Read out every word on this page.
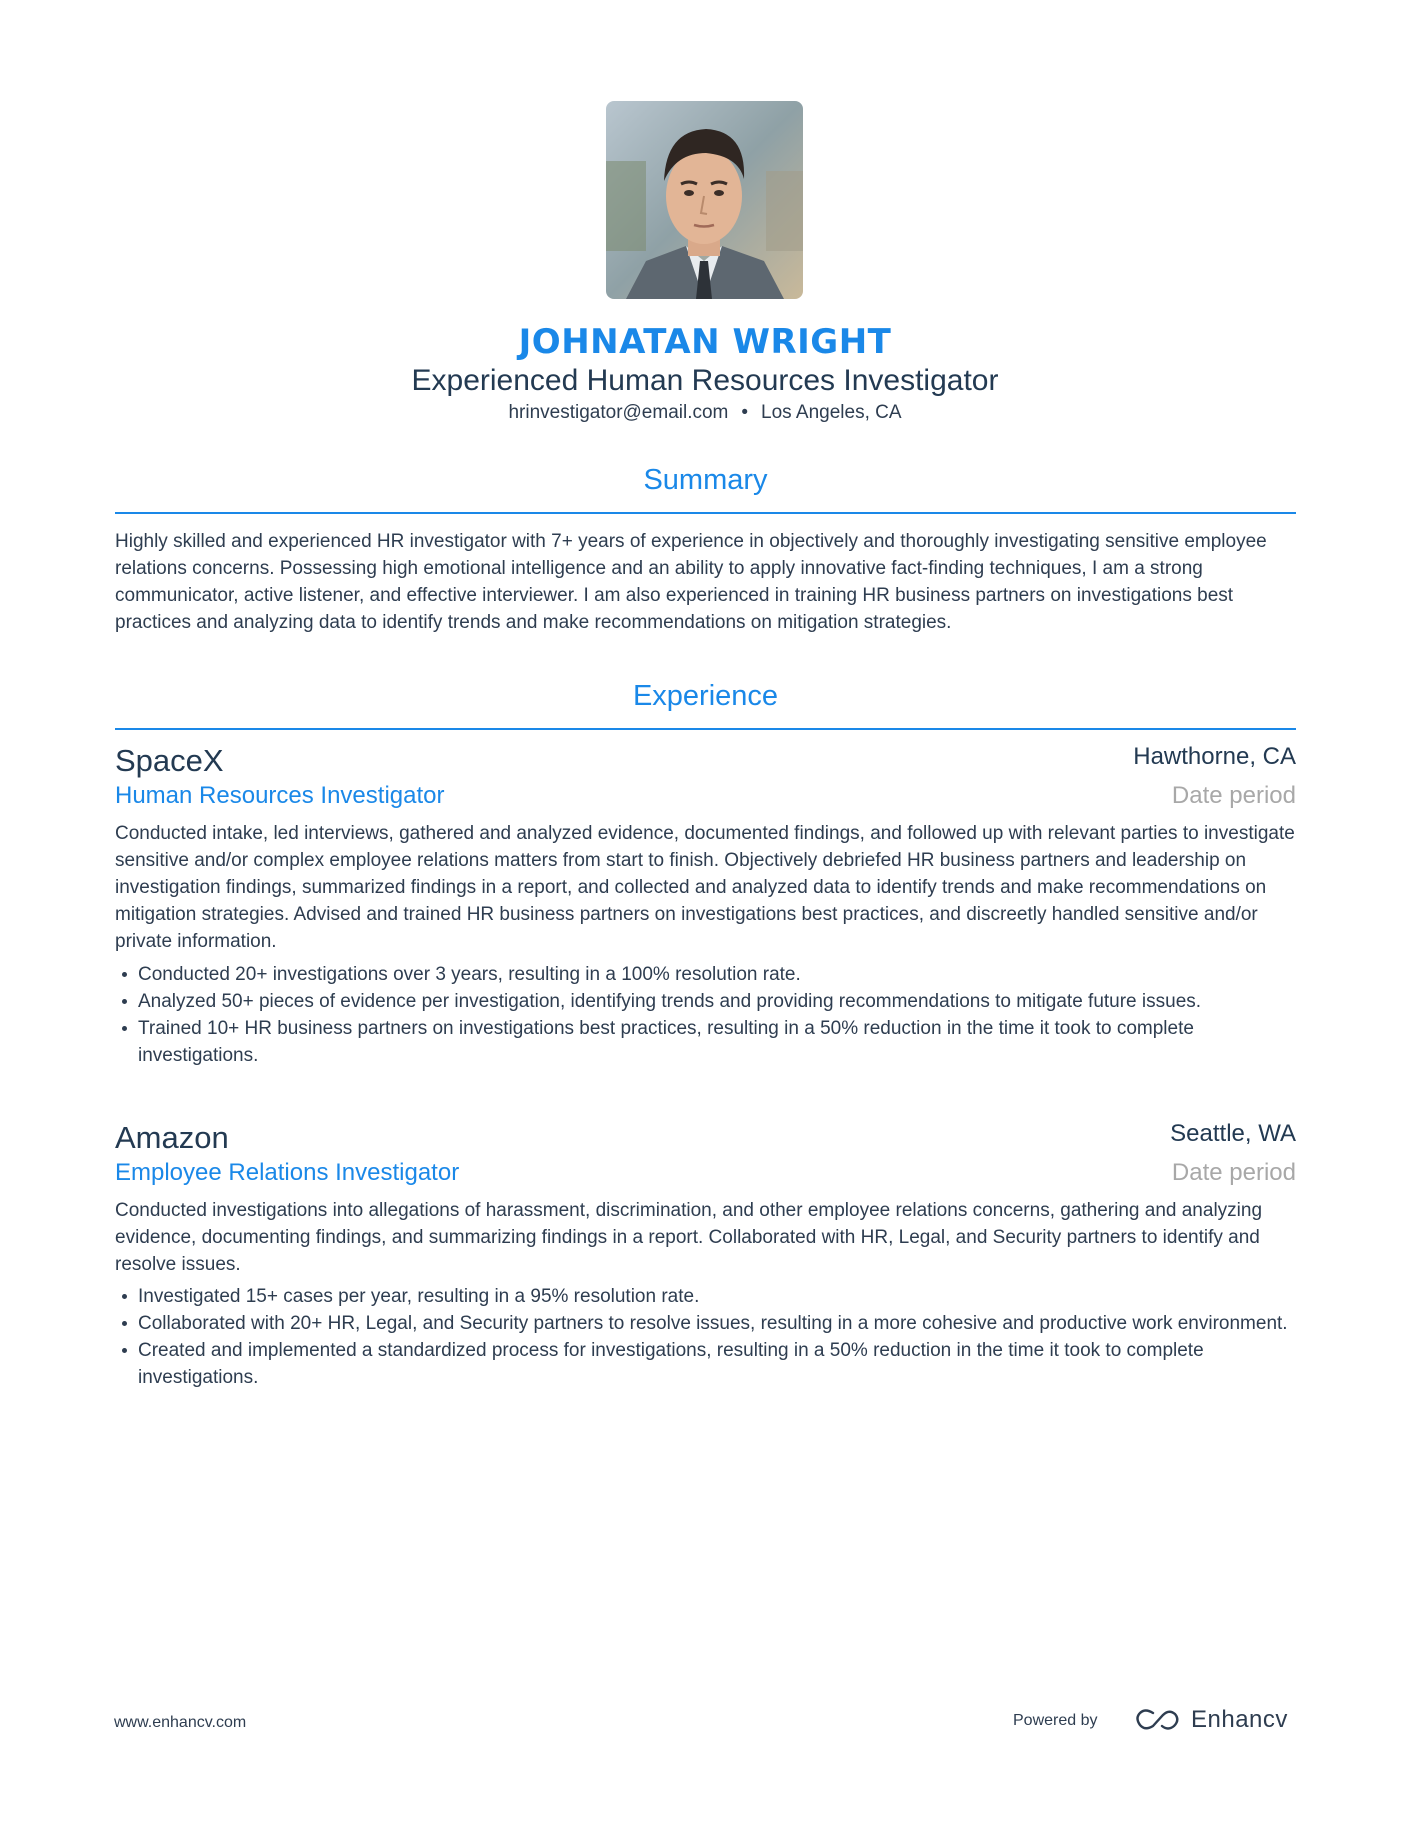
JOHNATAN WRIGHT
Experienced Human Resources Investigator
hrinvestigator@email.com • Los Angeles, CA
Summary
Highly skilled and experienced HR investigator with 7+ years of experience in objectively and thoroughly investigating sensitive employee relations concerns. Possessing high emotional intelligence and an ability to apply innovative fact-finding techniques, I am a strong communicator, active listener, and effective interviewer. I am also experienced in training HR business partners on investigations best practices and analyzing data to identify trends and make recommendations on mitigation strategies.
Experience
SpaceX	Hawthorne, CA
Human Resources Investigator	Date period
Conducted intake, led interviews, gathered and analyzed evidence, documented findings, and followed up with relevant parties to investigate sensitive and/or complex employee relations matters from start to finish. Objectively debriefed HR business partners and leadership on investigation findings, summarized findings in a report, and collected and analyzed data to identify trends and make recommendations on mitigation strategies. Advised and trained HR business partners on investigations best practices, and discreetly handled sensitive and/or private information.
Conducted 20+ investigations over 3 years, resulting in a 100% resolution rate.
Analyzed 50+ pieces of evidence per investigation, identifying trends and providing recommendations to mitigate future issues.
Trained 10+ HR business partners on investigations best practices, resulting in a 50% reduction in the time it took to complete investigations.
Amazon	Seattle, WA
Employee Relations Investigator	Date period
Conducted investigations into allegations of harassment, discrimination, and other employee relations concerns, gathering and analyzing evidence, documenting findings, and summarizing findings in a report. Collaborated with HR, Legal, and Security partners to identify and resolve issues.
Investigated 15+ cases per year, resulting in a 95% resolution rate.
Collaborated with 20+ HR, Legal, and Security partners to resolve issues, resulting in a more cohesive and productive work environment.
Created and implemented a standardized process for investigations, resulting in a 50% reduction in the time it took to complete investigations.
www.enhancv.com	Powered by	Enhancv
